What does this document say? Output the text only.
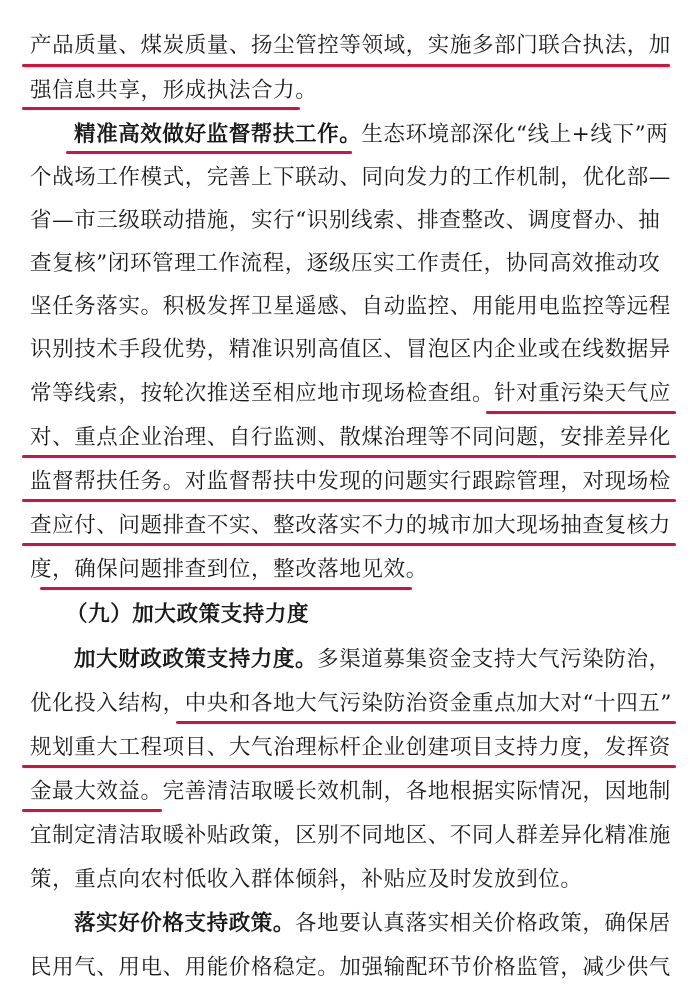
产品质量、煤炭质量、扬尘管控等领域，实施多部门联合执法，加
强信息共享，形成执法合力。
精准高效做好监督帮扶工作。生态环境部深化“线上+线下”两
个战场工作模式，完善上下联动、同向发力的工作机制，优化部—
省—市三级联动措施，实行“识别线索、排查整改、调度督办、抽
查复核”闭环管理工作流程，逐级压实工作责任，协同高效推动攻
坚任务落实。积极发挥卫星遥感、自动监控、用能用电监控等远程
识别技术手段优势，精准识别高值区、冒泡区内企业或在线数据异
常等线索，按轮次推送至相应地市现场检查组。针对重污染天气应
对、重点企业治理、自行监测、散煤治理等不同问题，安排差异化
监督帮扶任务。对监督帮扶中发现的问题实行跟踪管理，对现场检
查应付、问题排查不实、整改落实不力的城市加大现场抽查复核力
度，确保问题排查到位，整改落地见效。
（九）加大政策支持力度
加大财政政策支持力度。多渠道募集资金支持大气污染防治，
优化投入结构，中央和各地大气污染防治资金重点加大对“十四五”
规划重大工程项目、大气治理标杆企业创建项目支持力度，发挥资
金最大效益。完善清洁取暖长效机制，各地根据实际情况，因地制
宜制定清洁取暖补贴政策，区别不同地区、不同人群差异化精准施
策，重点向农村低收入群体倾斜，补贴应及时发放到位。
落实好价格支持政策。各地要认真落实相关价格政策，确保居
民用气、用电、用能价格稳定。加强输配环节价格监管，减少供气
